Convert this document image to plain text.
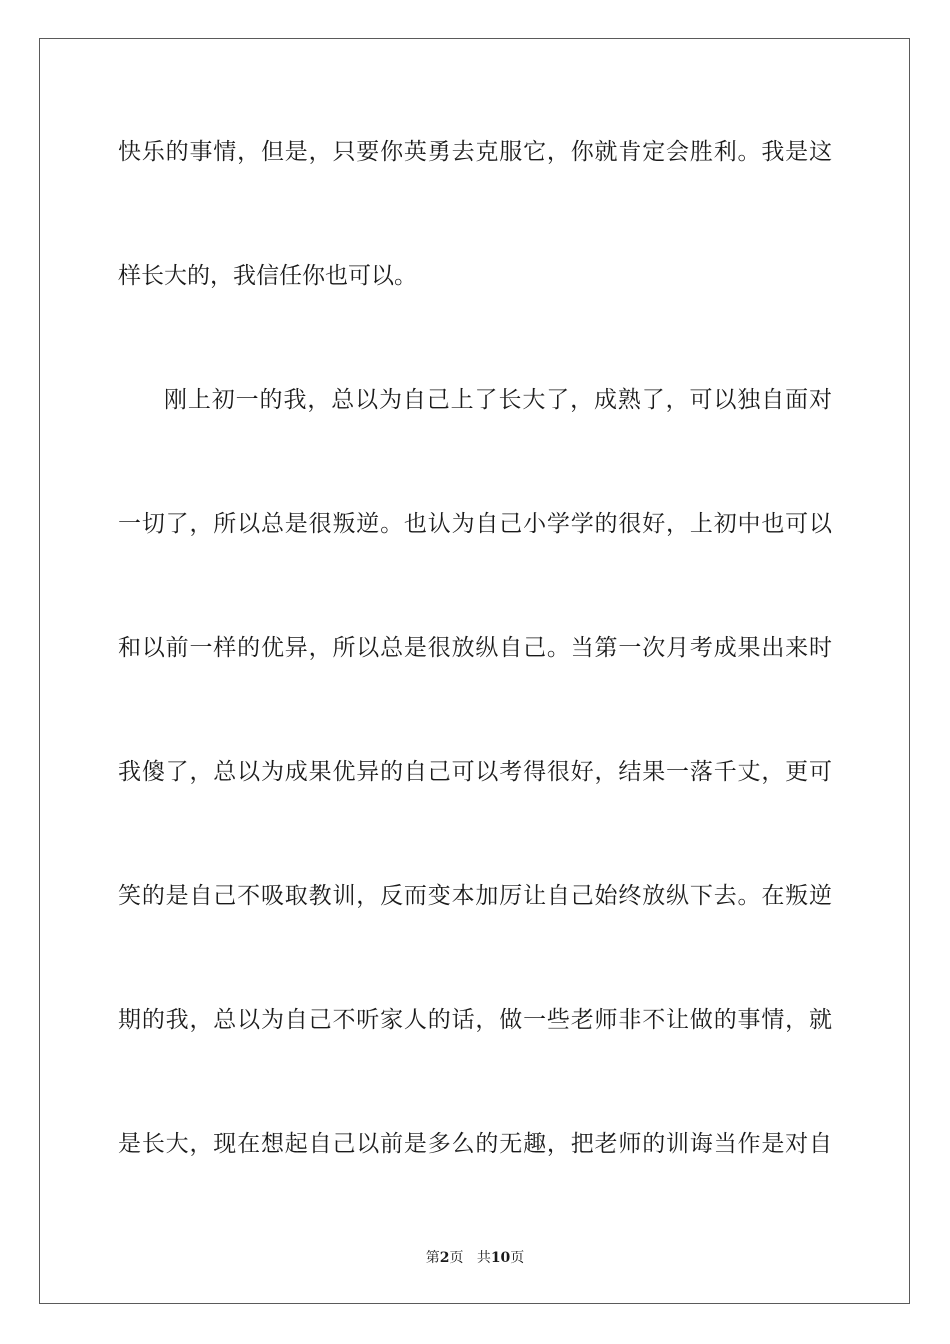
快乐的事情，但是，只要你英勇去克服它，你就肯定会胜利。我是这
样长大的，我信任你也可以。
刚上初一的我，总以为自己上了长大了，成熟了，可以独自面对
一切了，所以总是很叛逆。也认为自己小学学的很好，上初中也可以
和以前一样的优异，所以总是很放纵自己。当第一次月考成果出来时
我傻了，总以为成果优异的自己可以考得很好，结果一落千丈，更可
笑的是自己不吸取教训，反而变本加厉让自己始终放纵下去。在叛逆
期的我，总以为自己不听家人的话，做一些老师非不让做的事情，就
是长大，现在想起自己以前是多么的无趣，把老师的训诲当作是对自
第2页 共10页
